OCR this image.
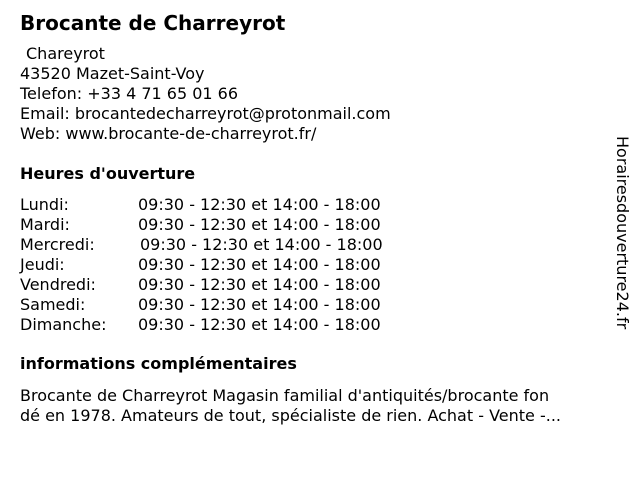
Brocante de Charreyrot
Chareyrot
43520 Mazet-Saint-Voy
Telefon: +33 4 71 65 01 66
Email: brocantedecharreyrot@protonmail.com
Web: www.brocante-de-charreyrot.fr/
Heures d'ouverture
Lundi:	09:30 - 12:30 et 14:00 - 18:00
Mardi:	09:30 - 12:30 et 14:00 - 18:00
Mercredi:	09:30 - 12:30 et 14:00 - 18:00
Jeudi:	09:30 - 12:30 et 14:00 - 18:00
Vendredi:	09:30 - 12:30 et 14:00 - 18:00
Samedi:	09:30 - 12:30 et 14:00 - 18:00
Dimanche: 09:30 - 12:30 et 14:00 - 18:00
informations complémentaires
Brocante de Charreyrot Magasin familial d'antiquités/brocante fon
dé en 1978. Amateurs de tout, spécialiste de rien. Achat - Vente -...
Horairesdouverture24.fr
